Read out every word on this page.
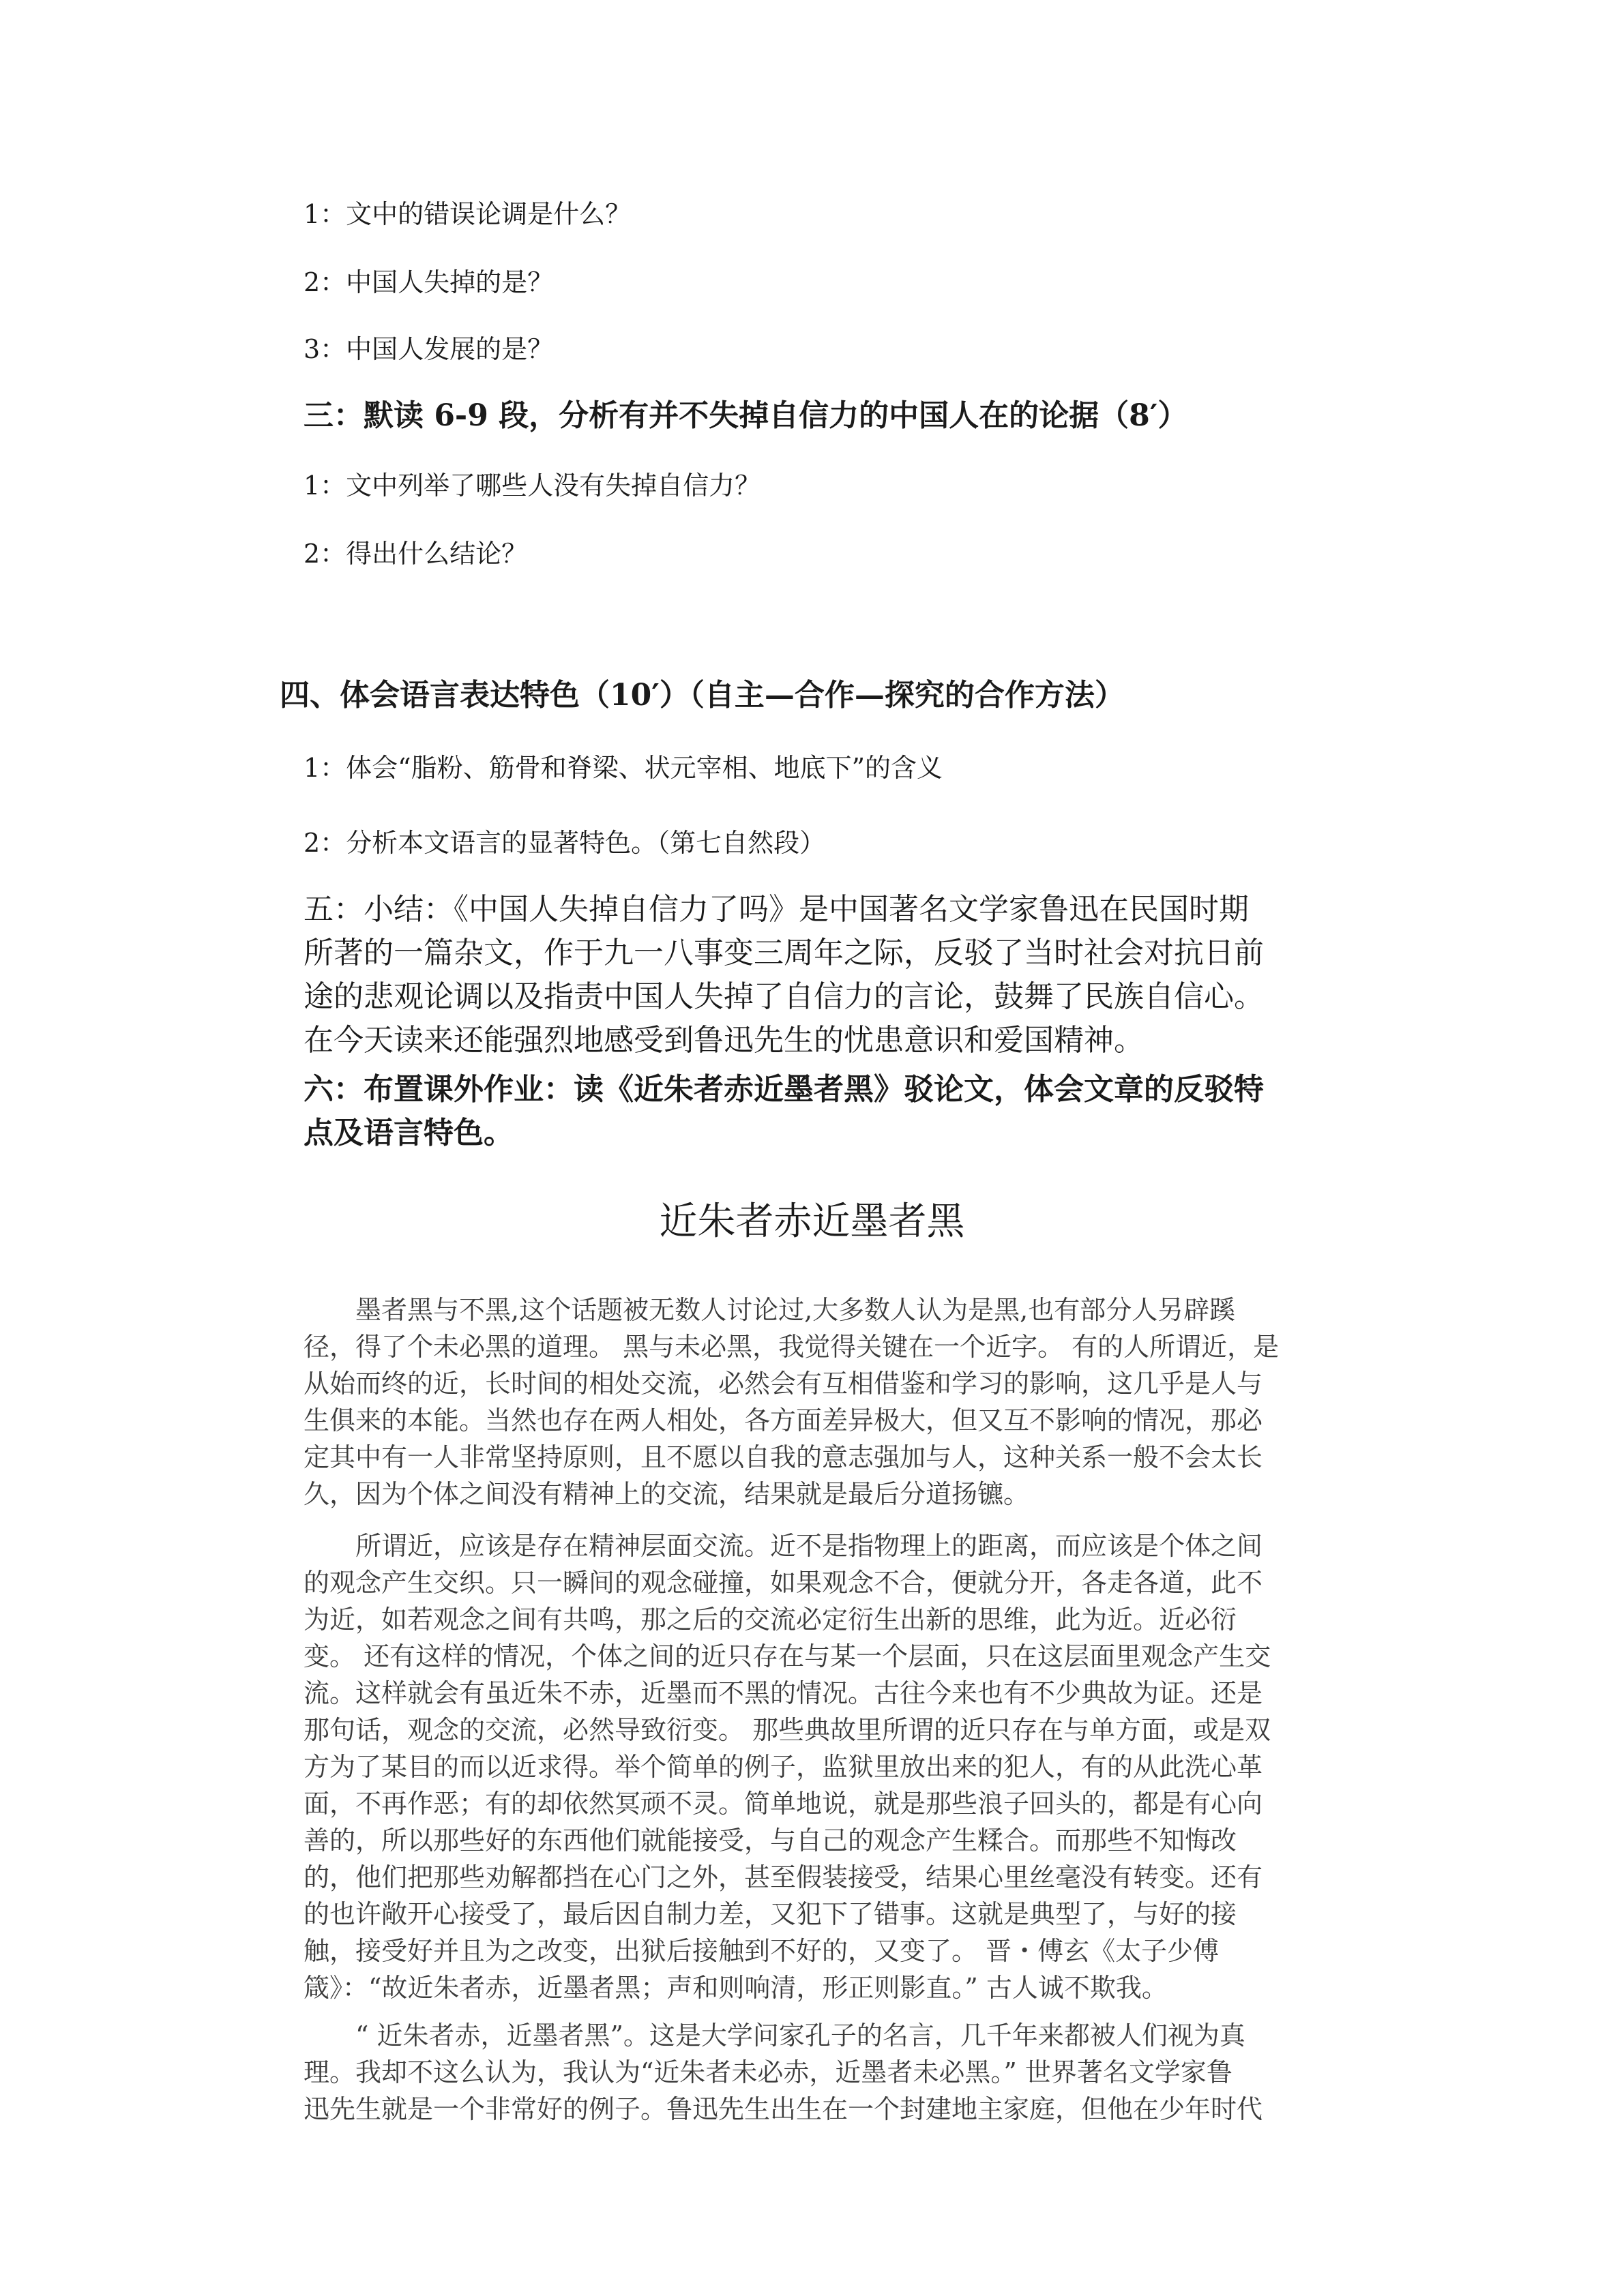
1：文中的错误论调是什么？
2：中国人失掉的是？
3：中国人发展的是？
三：默读 6-9 段，分析有并不失掉自信力的中国人在的论据（8′）
1：文中列举了哪些人没有失掉自信力？
2：得出什么结论？
四、体会语言表达特色（10′）（自主—合作—探究的合作方法）
1：体会“脂粉、筋骨和脊梁、状元宰相、地底下”的含义
2：分析本文语言的显著特色。（第七自然段）

五：小结：《中国人失掉自信力了吗》是中国著名文学家鲁迅在民国时期

所著的一篇杂文，作于九一八事变三周年之际，反驳了当时社会对抗日前

途的悲观论调以及指责中国人失掉了自信力的言论，鼓舞了民族自信心。

在今天读来还能强烈地感受到鲁迅先生的忧患意识和爱国精神。

六：布置课外作业：读《近朱者赤近墨者黑》驳论文，体会文章的反驳特

点及语言特色。

近朱者赤近墨者黑

　　墨者黑与不黑,这个话题被无数人讨论过,大多数人认为是黑,也有部分人另辟蹊

径，得了个未必黑的道理。 黑与未必黑，我觉得关键在一个近字。 有的人所谓近，是

从始而终的近，长时间的相处交流，必然会有互相借鉴和学习的影响，这几乎是人与

生俱来的本能。当然也存在两人相处，各方面差异极大，但又互不影响的情况，那必

定其中有一人非常坚持原则，且不愿以自我的意志强加与人，这种关系一般不会太长

久，因为个体之间没有精神上的交流，结果就是最后分道扬镳。

　　所谓近，应该是存在精神层面交流。近不是指物理上的距离，而应该是个体之间

的观念产生交织。只一瞬间的观念碰撞，如果观念不合，便就分开，各走各道，此不

为近，如若观念之间有共鸣，那之后的交流必定衍生出新的思维，此为近。近必衍

变。 还有这样的情况，个体之间的近只存在与某一个层面，只在这层面里观念产生交

流。这样就会有虽近朱不赤，近墨而不黑的情况。古往今来也有不少典故为证。还是

那句话，观念的交流，必然导致衍变。 那些典故里所谓的近只存在与单方面，或是双

方为了某目的而以近求得。举个简单的例子，监狱里放出来的犯人，有的从此洗心革

面，不再作恶；有的却依然冥顽不灵。简单地说，就是那些浪子回头的，都是有心向

善的，所以那些好的东西他们就能接受，与自己的观念产生糅合。而那些不知悔改

的，他们把那些劝解都挡在心门之外，甚至假装接受，结果心里丝毫没有转变。还有

的也许敞开心接受了，最后因自制力差，又犯下了错事。这就是典型了，与好的接

触，接受好并且为之改变，出狱后接触到不好的，又变了。 晋・傅玄《太子少傅

箴》：“故近朱者赤，近墨者黑；声和则响清，形正则影直。” 古人诚不欺我。

　　“ 近朱者赤，近墨者黑”。这是大学问家孔子的名言，几千年来都被人们视为真

理。我却不这么认为，我认为“近朱者未必赤，近墨者未必黑。” 世界著名文学家鲁

迅先生就是一个非常好的例子。鲁迅先生出生在一个封建地主家庭，但他在少年时代
